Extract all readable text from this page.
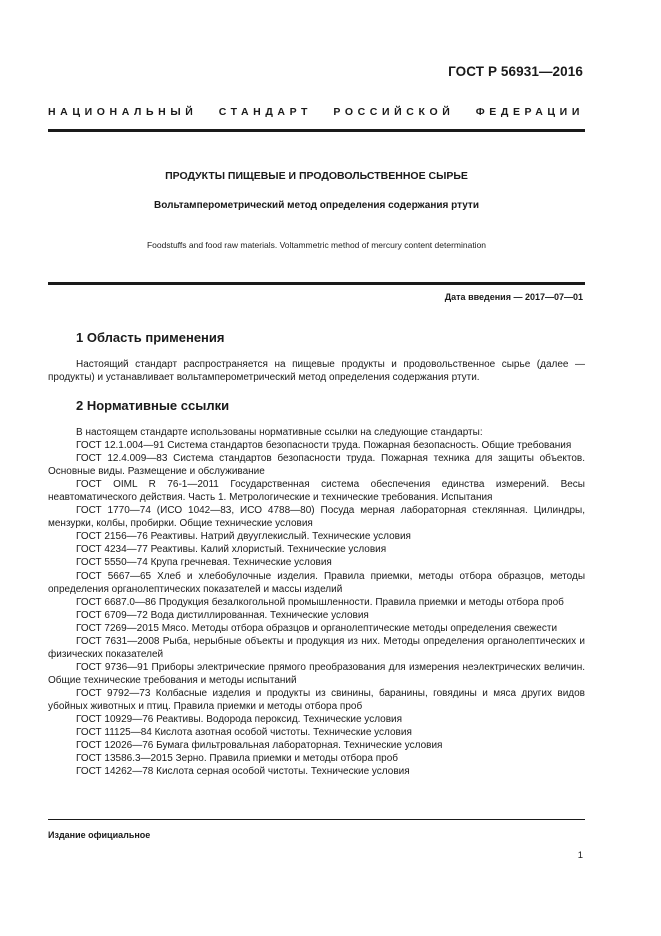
ГОСТ Р 56931—2016
НАЦИОНАЛЬНЫЙ СТАНДАРТ РОССИЙСКОЙ ФЕДЕРАЦИИ
ПРОДУКТЫ ПИЩЕВЫЕ И ПРОДОВОЛЬСТВЕННОЕ СЫРЬЕ
Вольтамперометрический метод определения содержания ртути
Foodstuffs and food raw materials. Voltammetric method of mercury content determination
Дата введения — 2017—07—01
1 Область применения

Настоящий стандарт распространяется на пищевые продукты и продовольственное сырье (далее — продукты) и устанавливает вольтамперометрический метод определения содержания ртути.

2 Нормативные ссылки

В настоящем стандарте использованы нормативные ссылки на следующие стандарты:

ГОСТ 12.1.004—91 Система стандартов безопасности труда. Пожарная безопасность. Общие требования
ГОСТ 12.4.009—83 Система стандартов безопасности труда. Пожарная техника для защиты объектов. Основные виды. Размещение и обслуживание
ГОСТ OIML R 76-1—2011 Государственная система обеспечения единства измерений. Весы неавтоматического действия. Часть 1. Метрологические и технические требования. Испытания
ГОСТ 1770—74 (ИСО 1042—83, ИСО 4788—80) Посуда мерная лабораторная стеклянная. Цилиндры, мензурки, колбы, пробирки. Общие технические условия
ГОСТ 2156—76 Реактивы. Натрий двууглекислый. Технические условия
ГОСТ 4234—77 Реактивы. Калий хлористый. Технические условия
ГОСТ 5550—74 Крупа гречневая. Технические условия
ГОСТ 5667—65 Хлеб и хлебобулочные изделия. Правила приемки, методы отбора образцов, методы определения органолептических показателей и массы изделий
ГОСТ 6687.0—86 Продукция безалкогольной промышленности. Правила приемки и методы отбора проб
ГОСТ 6709—72 Вода дистиллированная. Технические условия
ГОСТ 7269—2015 Мясо. Методы отбора образцов и органолептические методы определения свежести
ГОСТ 7631—2008 Рыба, нерыбные объекты и продукция из них. Методы определения органолептических и физических показателей
ГОСТ 9736—91 Приборы электрические прямого преобразования для измерения неэлектрических величин. Общие технические требования и методы испытаний
ГОСТ 9792—73 Колбасные изделия и продукты из свинины, баранины, говядины и мяса других видов убойных животных и птиц. Правила приемки и методы отбора проб
ГОСТ 10929—76 Реактивы. Водорода пероксид. Технические условия
ГОСТ 11125—84 Кислота азотная особой чистоты. Технические условия
ГОСТ 12026—76 Бумага фильтровальная лабораторная. Технические условия
ГОСТ 13586.3—2015 Зерно. Правила приемки и методы отбора проб
ГОСТ 14262—78 Кислота серная особой чистоты. Технические условия
Издание официальное
1
